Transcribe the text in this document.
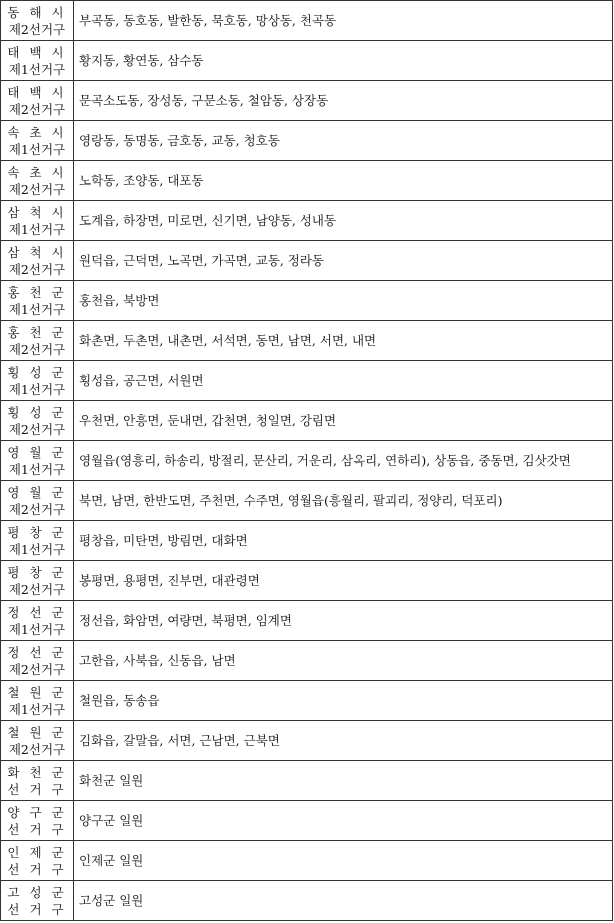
동 해 시
제2선거구	부곡동, 동호동, 발한동, 묵호동, 망상동, 천곡동

태 백 시
제1선거구	황지동, 황연동, 삼수동

태 백 시
제2선거구	문곡소도동, 장성동, 구문소동, 철암동, 상장동

속 초 시
제1선거구	영랑동, 동명동, 금호동, 교동, 청호동

속 초 시
제2선거구	노학동, 조양동, 대포동

삼 척 시
제1선거구	도계읍, 하장면, 미로면, 신기면, 남양동, 성내동

삼 척 시
제2선거구	원덕읍, 근덕면, 노곡면, 가곡면, 교동, 정라동

홍 천 군
제1선거구	홍천읍, 북방면

홍 천 군
제2선거구	화촌면, 두촌면, 내촌면, 서석면, 동면, 남면, 서면, 내면

횡 성 군
제1선거구	횡성읍, 공근면, 서원면

횡 성 군
제2선거구	우천면, 안흥면, 둔내면, 갑천면, 청일면, 강림면

영 월 군
제1선거구	영월읍(영흥리, 하송리, 방절리, 문산리, 거운리, 삼옥리, 연하리), 상동읍, 중동면, 김삿갓면

영 월 군
제2선거구	북면, 남면, 한반도면, 주천면, 수주면, 영월읍(흥월리, 팔괴리, 정양리, 덕포리)

평 창 군
제1선거구	평창읍, 미탄면, 방림면, 대화면

평 창 군
제2선거구	봉평면, 용평면, 진부면, 대관령면

정 선 군
제1선거구	정선읍, 화암면, 여량면, 북평면, 임계면

정 선 군
제2선거구	고한읍, 사북읍, 신동읍, 남면

철 원 군
제1선거구	철원읍, 동송읍

철 원 군
제2선거구	김화읍, 갈말읍, 서면, 근남면, 근북면

화 천 군
선 거 구	화천군 일원

양 구 군
선 거 구	양구군 일원

인 제 군
선 거 구	인제군 일원

고 성 군
선 거 구	고성군 일원
